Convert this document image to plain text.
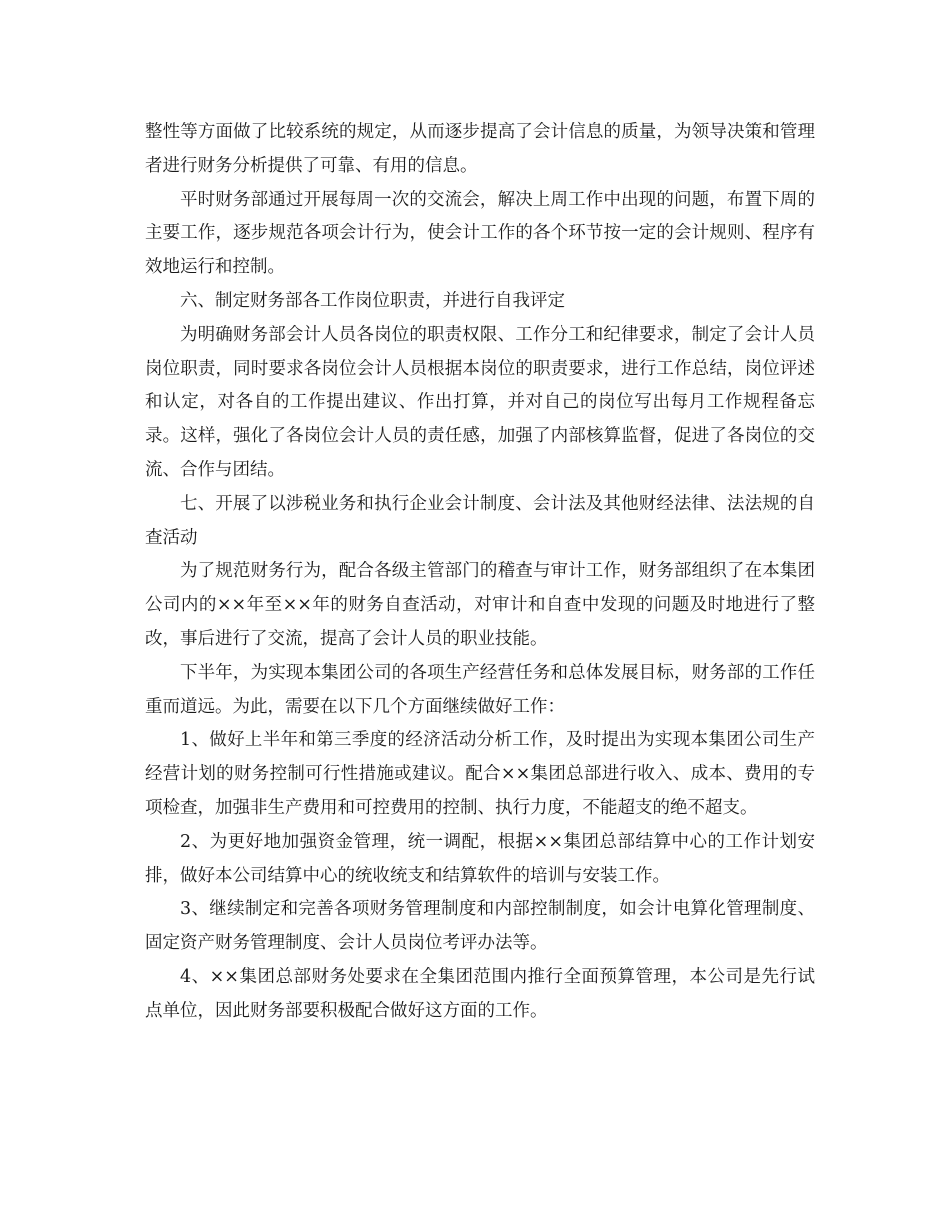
整性等方面做了比较系统的规定，从而逐步提高了会计信息的质量，为领导决策和管理者进行财务分析提供了可靠、有用的信息。

平时财务部通过开展每周一次的交流会，解决上周工作中出现的问题，布置下周的主要工作，逐步规范各项会计行为，使会计工作的各个环节按一定的会计规则、程序有效地运行和控制。

六、制定财务部各工作岗位职责，并进行自我评定

为明确财务部会计人员各岗位的职责权限、工作分工和纪律要求，制定了会计人员岗位职责，同时要求各岗位会计人员根据本岗位的职责要求，进行工作总结，岗位评述和认定，对各自的工作提出建议、作出打算，并对自己的岗位写出每月工作规程备忘录。这样，强化了各岗位会计人员的责任感，加强了内部核算监督，促进了各岗位的交流、合作与团结。

七、开展了以涉税业务和执行企业会计制度、会计法及其他财经法律、法法规的自查活动

为了规范财务行为，配合各级主管部门的稽查与审计工作，财务部组织了在本集团公司内的××年至××年的财务自查活动，对审计和自查中发现的问题及时地进行了整改，事后进行了交流，提高了会计人员的职业技能。

下半年，为实现本集团公司的各项生产经营任务和总体发展目标，财务部的工作任重而道远。为此，需要在以下几个方面继续做好工作：

1、做好上半年和第三季度的经济活动分析工作，及时提出为实现本集团公司生产经营计划的财务控制可行性措施或建议。配合××集团总部进行收入、成本、费用的专项检查，加强非生产费用和可控费用的控制、执行力度，不能超支的绝不超支。

2、为更好地加强资金管理，统一调配，根据××集团总部结算中心的工作计划安排，做好本公司结算中心的统收统支和结算软件的培训与安装工作。

3、继续制定和完善各项财务管理制度和内部控制制度，如会计电算化管理制度、固定资产财务管理制度、会计人员岗位考评办法等。

4、××集团总部财务处要求在全集团范围内推行全面预算管理，本公司是先行试点单位，因此财务部要积极配合做好这方面的工作。
